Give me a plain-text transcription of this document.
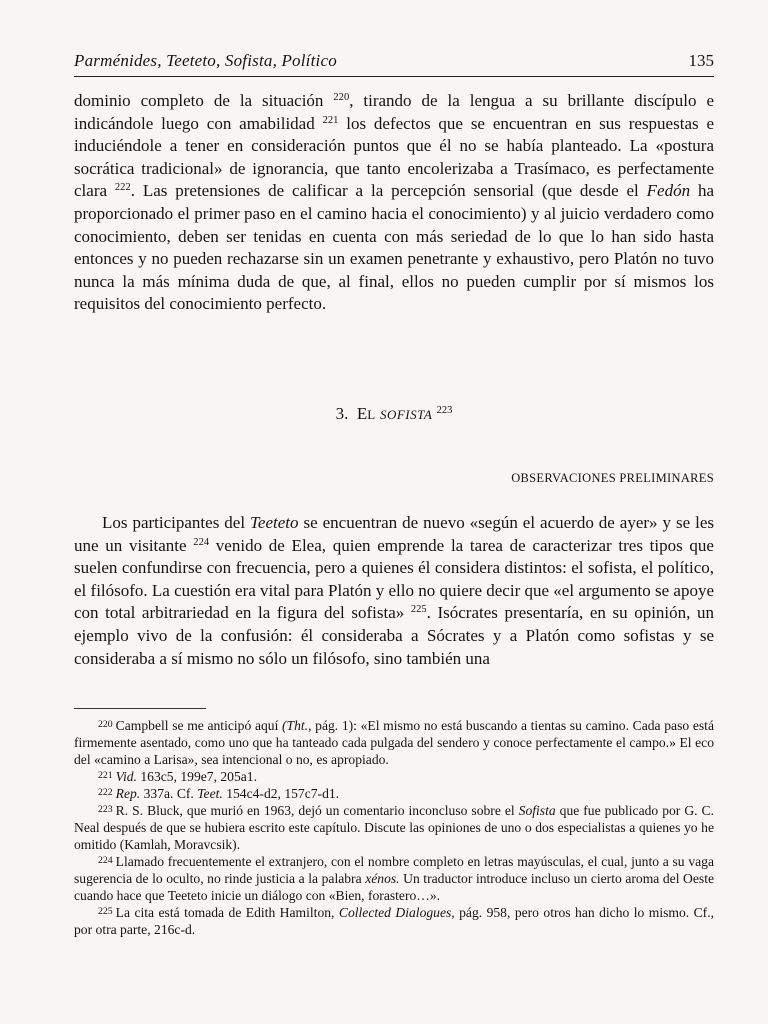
Parménides, Teeteto, Sofista, Político	135

dominio completo de la situación $^{220}$, tirando de la lengua a su brillante discípulo e indicándole luego con amabilidad $^{221}$ los defectos que se encuentran en sus respuestas e induciéndole a tener en consideración puntos que él no se había planteado. La «postura socrática tradicional» de ignorancia, que tanto encolerizaba a Trasímaco, es perfectamente clara $^{222}$. Las pretensiones de calificar a la percepción sensorial (que desde el Fedón ha proporcionado el primer paso en el camino hacia el conocimiento) y al juicio verdadero como conocimiento, deben ser tenidas en cuenta con más seriedad de lo que lo han sido hasta entonces y no pueden rechazarse sin un examen penetrante y exhaustivo, pero Platón no tuvo nunca la más mínima duda de que, al final, ellos no pueden cumplir por sí mismos los requisitos del conocimiento perfecto.

3. EL SOFISTA $^{223}$
OBSERVACIONES PRELIMINARES

Los participantes del Teeteto se encuentran de nuevo «según el acuerdo de ayer» y se les une un visitante $^{224}$ venido de Elea, quien emprende la tarea de caracterizar tres tipos que suelen confundirse con frecuencia, pero a quienes él considera distintos: el sofista, el político, el filósofo. La cuestión era vital para Platón y ello no quiere decir que «el argumento se apoye con total arbitrariedad en la figura del sofista» $^{225}$. Isócrates presentaría, en su opinión, un ejemplo vivo de la confusión: él consideraba a Sócrates y a Platón como sofistas y se consideraba a sí mismo no sólo un filósofo, sino también una

$^{220}$ Campbell se me anticipó aquí (Tht., pág. 1): «El mismo no está buscando a tientas su camino. Cada paso está firmemente asentado, como uno que ha tanteado cada pulgada del sendero y conoce perfectamente el campo.» El eco del «camino a Larisa», sea intencional o no, es apropiado.

$^{221}$ Vid. 163c5, 199e7, 205a1.

$^{222}$ Rep. 337a. Cf. Teet. 154c4-d2, 157c7-d1.

$^{223}$ R. S. Bluck, que murió en 1963, dejó un comentario inconcluso sobre el Sofista que fue publicado por G. C. Neal después de que se hubiera escrito este capítulo. Discute las opiniones de uno o dos especialistas a quienes yo he omitido (Kamlah, Moravcsik).

$^{224}$ Llamado frecuentemente el extranjero, con el nombre completo en letras mayúsculas, el cual, junto a su vaga sugerencia de lo oculto, no rinde justicia a la palabra xénos. Un traductor introduce incluso un cierto aroma del Oeste cuando hace que Teeteto inicie un diálogo con «Bien, forastero…».

$^{225}$ La cita está tomada de Edith Hamilton, Collected Dialogues, pág. 958, pero otros han dicho lo mismo. Cf., por otra parte, 216c-d.
